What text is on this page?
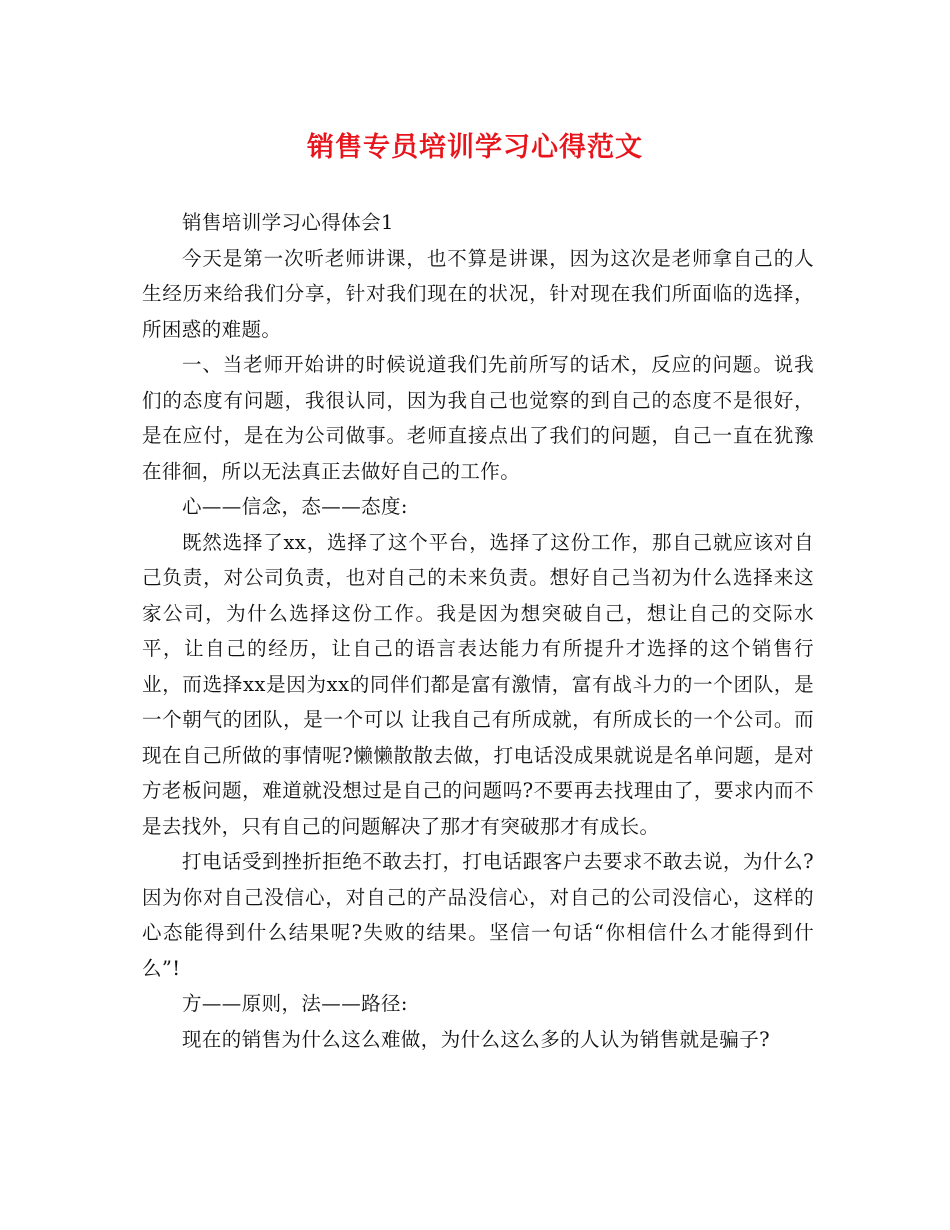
销售专员培训学习心得范文

销售培训学习心得体会1

今天是第一次听老师讲课，也不算是讲课，因为这次是老师拿自己的人生经历来给我们分享，针对我们现在的状况，针对现在我们所面临的选择，所困惑的难题。

一、当老师开始讲的时候说道我们先前所写的话术，反应的问题。说我们的态度有问题，我很认同，因为我自己也觉察的到自己的态度不是很好，是在应付，是在为公司做事。老师直接点出了我们的问题，自己一直在犹豫在徘徊，所以无法真正去做好自己的工作。

心——信念，态——态度:

既然选择了xx，选择了这个平台，选择了这份工作，那自己就应该对自己负责，对公司负责，也对自己的未来负责。想好自己当初为什么选择来这家公司，为什么选择这份工作。我是因为想突破自己，想让自己的交际水平，让自己的经历，让自己的语言表达能力有所提升才选择的这个销售行业，而选择xx是因为xx的同伴们都是富有激情，富有战斗力的一个团队，是一个朝气的团队，是一个可以 让我自己有所成就，有所成长的一个公司。而现在自己所做的事情呢?懒懒散散去做，打电话没成果就说是名单问题，是对方老板问题，难道就没想过是自己的问题吗?不要再去找理由了，要求内而不是去找外，只有自己的问题解决了那才有突破那才有成长。

打电话受到挫折拒绝不敢去打，打电话跟客户去要求不敢去说，为什么?因为你对自己没信心，对自己的产品没信心，对自己的公司没信心，这样的心态能得到什么结果呢?失败的结果。坚信一句话“你相信什么才能得到什么”!

方——原则，法——路径:

现在的销售为什么这么难做，为什么这么多的人认为销售就是骗子?
